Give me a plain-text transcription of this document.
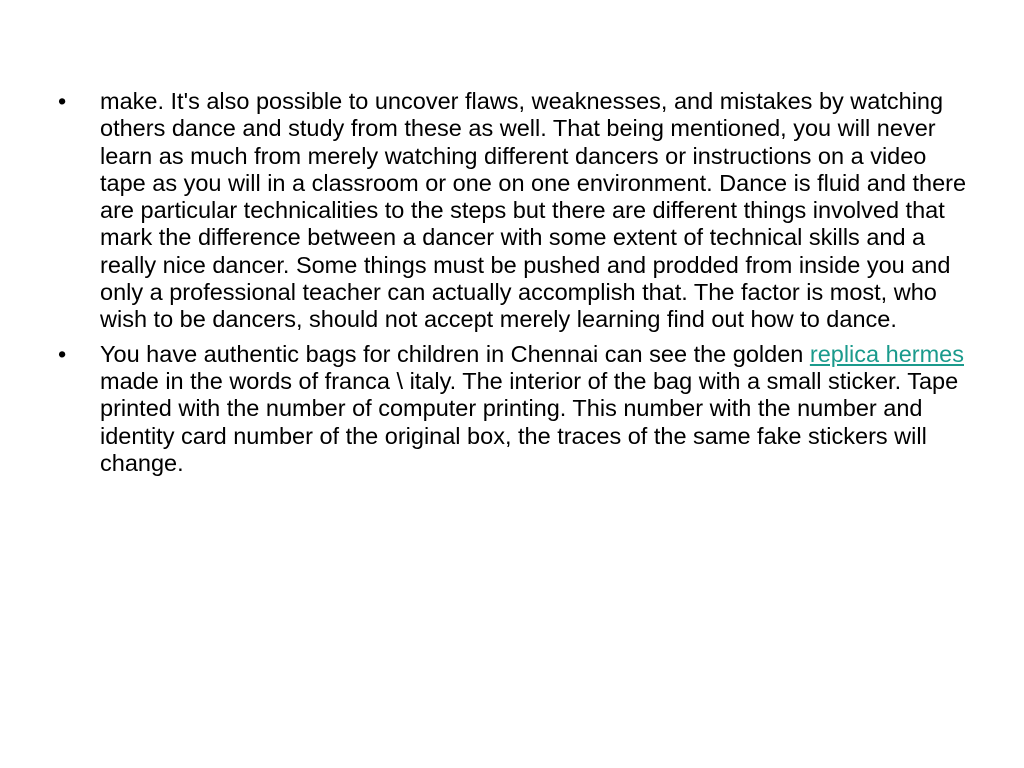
•	make. It's also possible to uncover flaws, weaknesses, and mistakes by watching others dance and study from these as well. That being mentioned, you will never learn as much from merely watching different dancers or instructions on a video tape as you will in a classroom or one on one environment. Dance is fluid and there are particular technicalities to the steps but there are different things involved that mark the difference between a dancer with some extent of technical skills and a really nice dancer. Some things must be pushed and prodded from inside you and only a professional teacher can actually accomplish that. The factor is most, who wish to be dancers, should not accept merely learning find out how to dance.
•	You have authentic bags for children in Chennai can see the golden replica hermes made in the words of franca \ italy. The interior of the bag with a small sticker. Tape printed with the number of computer printing. This number with the number and identity card number of the original box, the traces of the same fake stickers will change.
